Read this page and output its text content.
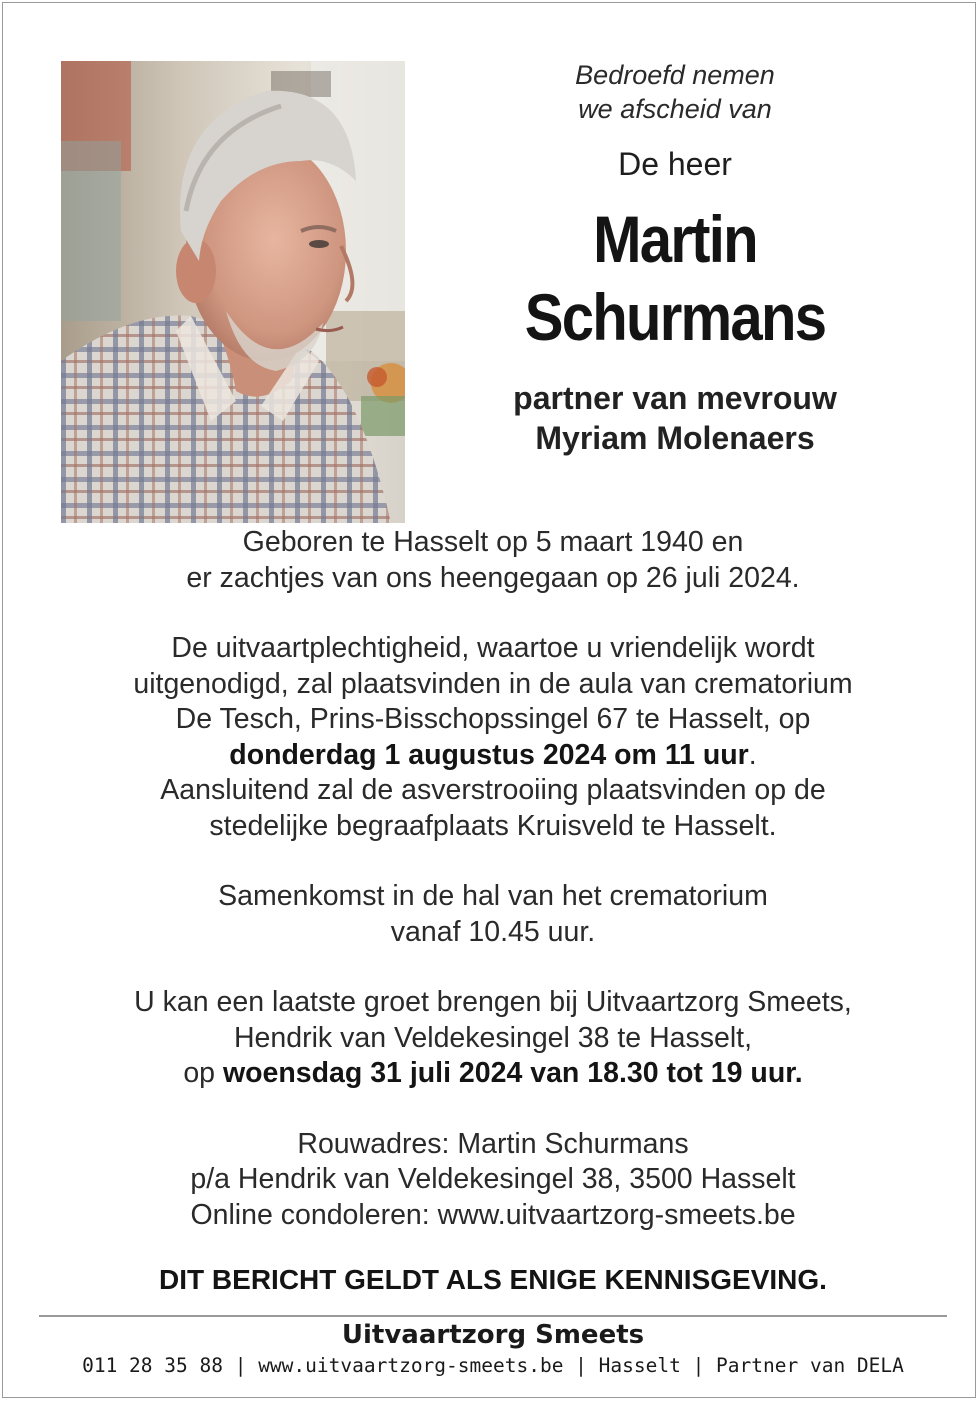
Bedroefd nemen
we afscheid van
De heer
Martin
Schurmans
partner van mevrouw
Myriam Molenaers

Geboren te Hasselt op 5 maart 1940 en

er zachtjes van ons heengegaan op 26 juli 2024.

De uitvaartplechtigheid, waartoe u vriendelijk wordt

uitgenodigd, zal plaatsvinden in de aula van crematorium

De Tesch, Prins-Bisschopssingel 67 te Hasselt, op

donderdag 1 augustus 2024 om 11 uur.

Aansluitend zal de asverstrooiing plaatsvinden op de

stedelijke begraafplaats Kruisveld te Hasselt.

Samenkomst in de hal van het crematorium

vanaf 10.45 uur.

U kan een laatste groet brengen bij Uitvaartzorg Smeets,

Hendrik van Veldekesingel 38 te Hasselt,

op woensdag 31 juli 2024 van 18.30 tot 19 uur.

Rouwadres: Martin Schurmans

p/a Hendrik van Veldekesingel 38, 3500 Hasselt

Online condoleren: www.uitvaartzorg-smeets.be

DIT BERICHT GELDT ALS ENIGE KENNISGEVING.
Uitvaartzorg Smeets
011 28 35 88 | www.uitvaartzorg-smeets.be | Hasselt | Partner van DELA
